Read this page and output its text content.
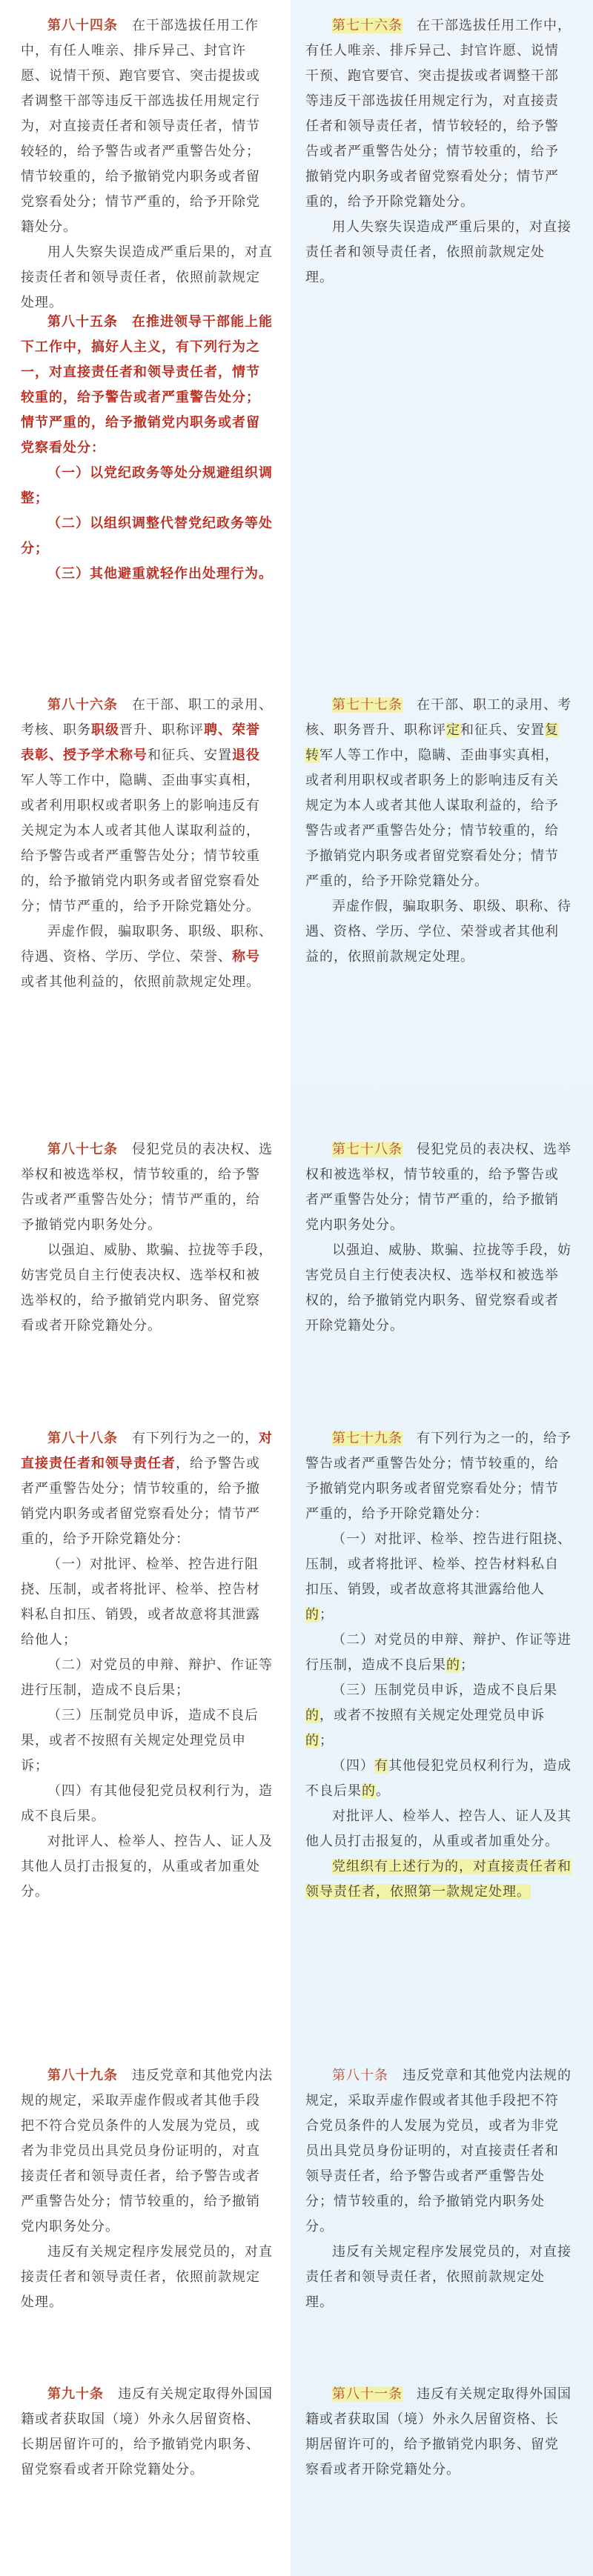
第八十四条　 在干部选拔任用工作中，有任人唯亲、排斥异己、封官许愿、说情干预、跑官要官、突击提拔或者调整干部等违反干部选拔任用规定行为，对直接责任者和领导责任者，情节较轻的，给予警告或者严重警告处分；情节较重的，给予撤销党内职务或者留党察看处分；情节严重的，给予开除党籍处分。

用人失察失误造成严重后果的，对直接责任者和领导责任者，依照前款规定处理。

第八十五条　 在推进领导干部能上能下工作中，搞好人主义，有下列行为之一，对直接责任者和领导责任者，情节较重的，给予警告或者严重警告处分；情节严重的，给予撤销党内职务或者留党察看处分：

（一）以党纪政务等处分规避组织调整；

（二）以组织调整代替党纪政务等处分；

（三）其他避重就轻作出处理行为。

第八十六条　 在干部、职工的录用、考核、职务职级晋升、职称评聘、荣誉表彰、授予学术称号和征兵、安置退役军人等工作中，隐瞒、歪曲事实真相，或者利用职权或者职务上的影响违反有关规定为本人或者其他人谋取利益的，给予警告或者严重警告处分；情节较重的，给予撤销党内职务或者留党察看处分；情节严重的，给予开除党籍处分。

弄虚作假，骗取职务、职级、职称、待遇、资格、学历、学位、荣誉、称号或者其他利益的，依照前款规定处理。

第八十七条　 侵犯党员的表决权、选举权和被选举权，情节较重的，给予警告或者严重警告处分；情节严重的，给予撤销党内职务处分。

以强迫、威胁、欺骗、拉拢等手段，妨害党员自主行使表决权、选举权和被选举权的，给予撤销党内职务、留党察看或者开除党籍处分。

第八十八条　 有下列行为之一的，对直接责任者和领导责任者，给予警告或者严重警告处分；情节较重的，给予撤销党内职务或者留党察看处分；情节严重的，给予开除党籍处分：

（一）对批评、检举、控告进行阻挠、压制，或者将批评、检举、控告材料私自扣压、销毁，或者故意将其泄露给他人；

（二）对党员的申辩、辩护、作证等进行压制，造成不良后果；

（三）压制党员申诉，造成不良后果，或者不按照有关规定处理党员申诉；

（四）有其他侵犯党员权利行为，造成不良后果。

对批评人、检举人、控告人、证人及其他人员打击报复的，从重或者加重处分。

第八十九条　 违反党章和其他党内法规的规定，采取弄虚作假或者其他手段把不符合党员条件的人发展为党员，或者为非党员出具党员身份证明的，对直接责任者和领导责任者，给予警告或者严重警告处分；情节较重的，给予撤销党内职务处分。

违反有关规定程序发展党员的，对直接责任者和领导责任者，依照前款规定处理。

第九十条　 违反有关规定取得外国国籍或者获取国（境）外永久居留资格、长期居留许可的，给予撤销党内职务、留党察看或者开除党籍处分。

第七十六条　 在干部选拔任用工作中，有任人唯亲、排斥异己、封官许愿、说情干预、跑官要官、突击提拔或者调整干部等违反干部选拔任用规定行为，对直接责任者和领导责任者，情节较轻的，给予警告或者严重警告处分；情节较重的，给予撤销党内职务或者留党察看处分；情节严重的，给予开除党籍处分。

用人失察失误造成严重后果的，对直接责任者和领导责任者，依照前款规定处理。

第七十七条　 在干部、职工的录用、考核、职务晋升、职称评定和征兵、安置复转军人等工作中，隐瞒、歪曲事实真相，或者利用职权或者职务上的影响违反有关规定为本人或者其他人谋取利益的，给予警告或者严重警告处分；情节较重的，给予撤销党内职务或者留党察看处分；情节严重的，给予开除党籍处分。

弄虚作假，骗取职务、职级、职称、待遇、资格、学历、学位、荣誉或者其他利益的，依照前款规定处理。

第七十八条　 侵犯党员的表决权、选举权和被选举权，情节较重的，给予警告或者严重警告处分；情节严重的，给予撤销党内职务处分。

以强迫、威胁、欺骗、拉拢等手段，妨害党员自主行使表决权、选举权和被选举权的，给予撤销党内职务、留党察看或者开除党籍处分。

第七十九条　 有下列行为之一的，给予警告或者严重警告处分；情节较重的，给予撤销党内职务或者留党察看处分；情节严重的，给予开除党籍处分：

（一）对批评、检举、控告进行阻挠、压制，或者将批评、检举、控告材料私自扣压、销毁，或者故意将其泄露给他人的；

（二）对党员的申辩、辩护、作证等进行压制，造成不良后果的；

（三）压制党员申诉，造成不良后果的，或者不按照有关规定处理党员申诉的；

（四）有其他侵犯党员权利行为，造成不良后果的。

对批评人、检举人、控告人、证人及其他人员打击报复的，从重或者加重处分。

党组织有上述行为的，对直接责任者和领导责任者，依照第一款规定处理。

第八十条　 违反党章和其他党内法规的规定，采取弄虚作假或者其他手段把不符合党员条件的人发展为党员，或者为非党员出具党员身份证明的，对直接责任者和领导责任者，给予警告或者严重警告处分；情节较重的，给予撤销党内职务处分。

违反有关规定程序发展党员的，对直接责任者和领导责任者，依照前款规定处理。

第八十一条　 违反有关规定取得外国国籍或者获取国（境）外永久居留资格、长期居留许可的，给予撤销党内职务、留党察看或者开除党籍处分。
